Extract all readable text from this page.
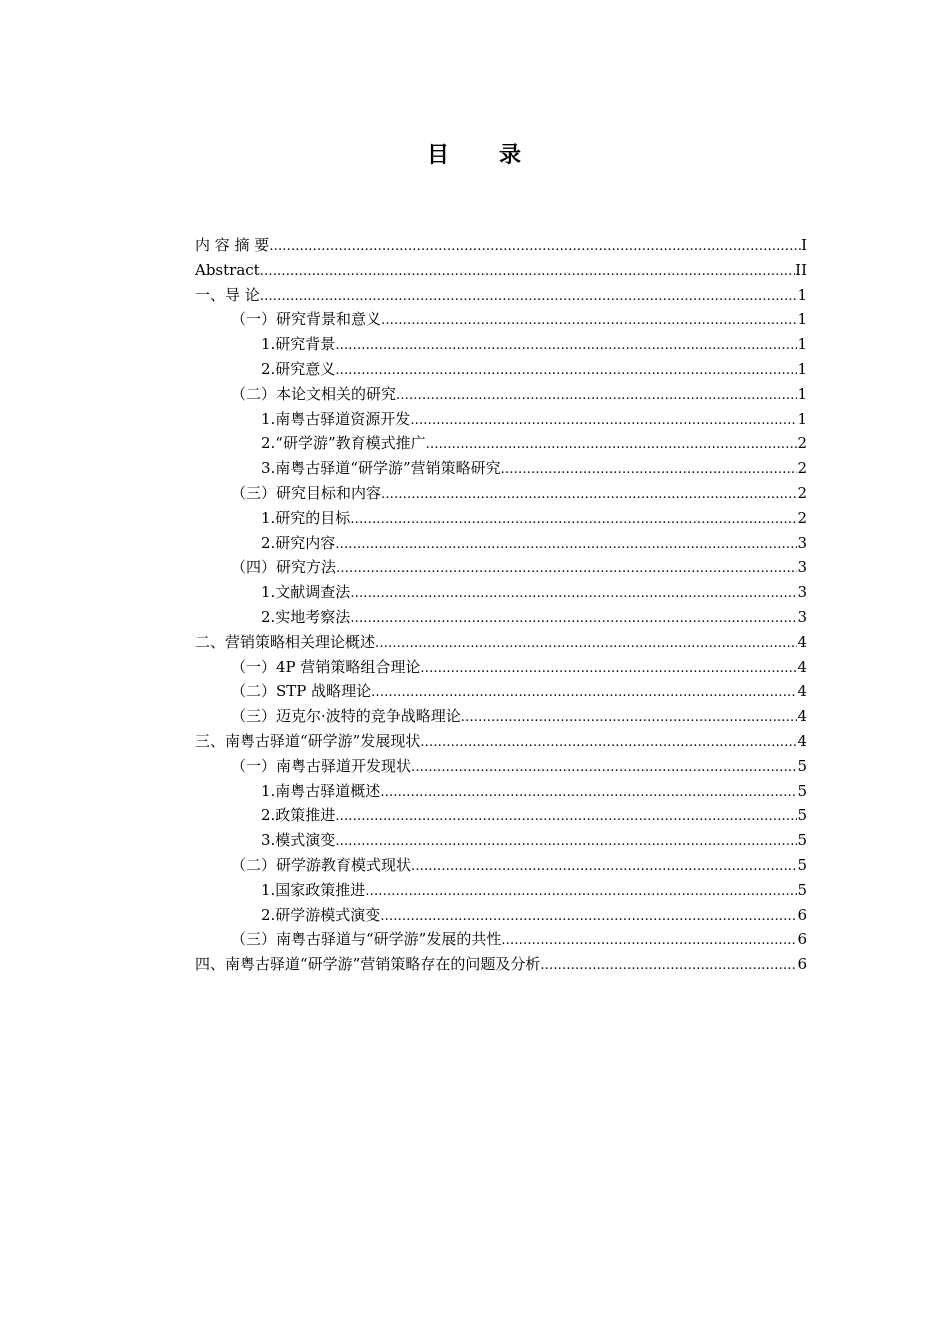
目　　录
内 容 摘 要 .....	I
Abstract .....	II
一、导 论 .....	1
（一）研究背景和意义 .....	1
1.研究背景 .....	1
2.研究意义 .....	1
（二）本论文相关的研究 .....	1
1.南粤古驿道资源开发 .....	1
2.“研学游”教育模式推广 .....	2
3.南粤古驿道“研学游”营销策略研究 .....	2
（三）研究目标和内容 .....	2
1.研究的目标 .....	2
2.研究内容 .....	3
（四）研究方法 .....	3
1.文献调查法 .....	3
2.实地考察法 .....	3
二、营销策略相关理论概述 .....	4
（一）4P 营销策略组合理论 .....	4
（二）STP 战略理论 .....	4
（三）迈克尔·波特的竞争战略理论 .....	4
三、南粤古驿道“研学游”发展现状 .....	4
（一）南粤古驿道开发现状 .....	5
1.南粤古驿道概述 .....	5
2.政策推进 .....	5
3.模式演变 .....	5
（二）研学游教育模式现状 .....	5
1.国家政策推进 .....	5
2.研学游模式演变 .....	6
（三）南粤古驿道与“研学游”发展的共性 .....	6
四、南粤古驿道“研学游”营销策略存在的问题及分析 .....	6
